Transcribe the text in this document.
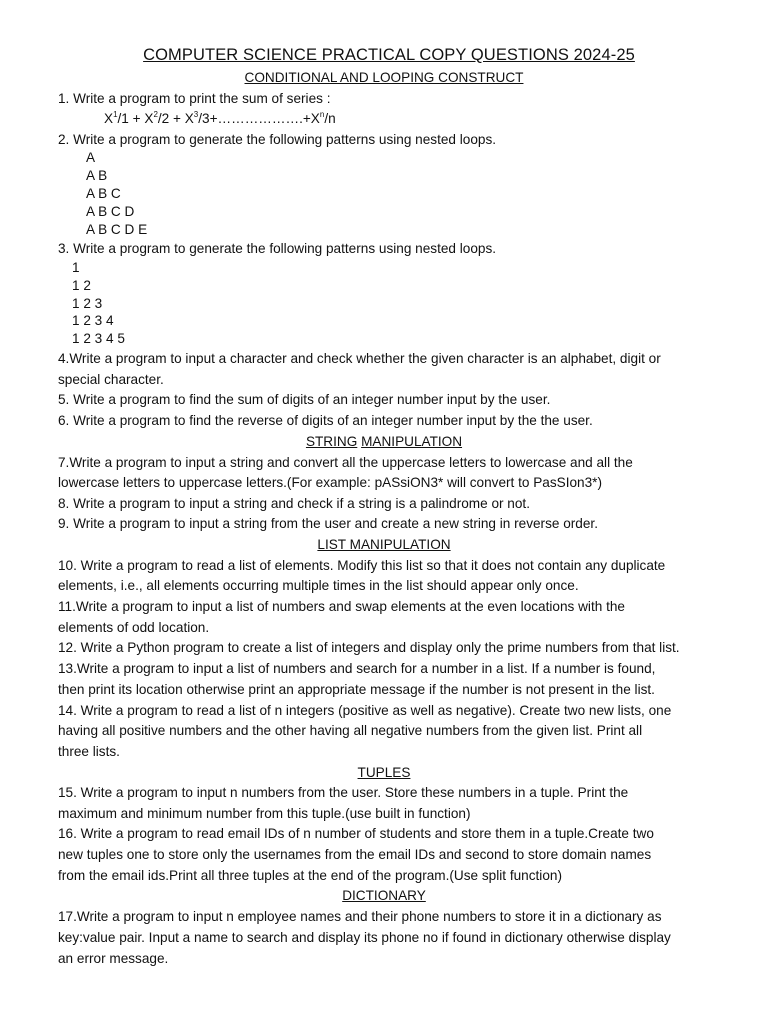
COMPUTER SCIENCE PRACTICAL COPY QUESTIONS 2024-25
CONDITIONAL AND LOOPING CONSTRUCT
1. Write a program to print the sum of series :
$X^1/1 + X^2/2$ + $X^3/3+\dots\dots\dots\dots\dots\dots.+X^n/n$
2. Write a program to generate the following patterns using nested loops.
A
A B
A B C
A B C D
A B C D E
3. Write a program to generate the following patterns using nested loops.
1
1 2
1 2 3
1 2 3 4
1 2 3 4 5
4.Write a program to input a character and check whether the given character is an alphabet, digit or
special character.
5. Write a program to find the sum of digits of an integer number input by the user.
6. Write a program to find the reverse of digits of an integer number input by the the user.
STRING MANIPULATION
7.Write a program to input a string and convert all the uppercase letters to lowercase and all the
lowercase letters to uppercase letters.(For example: pASsiON3* will convert to PasSIon3*)
8. Write a program to input a string and check if a string is a palindrome or not.
9. Write a program to input a string from the user and create a new string in reverse order.
LIST MANIPULATION
10. Write a program to read a list of elements. Modify this list so that it does not contain any duplicate
elements, i.e., all elements occurring multiple times in the list should appear only once.
11.Write a program to input a list of numbers and swap elements at the even locations with the
elements of odd location.
12. Write a Python program to create a list of integers and display only the prime numbers from that list.
13.Write a program to input a list of numbers and search for a number in a list. If a number is found,
then print its location otherwise print an appropriate message if the number is not present in the list.
14. Write a program to read a list of n integers (positive as well as negative). Create two new lists, one
having all positive numbers and the other having all negative numbers from the given list. Print all
three lists.
TUPLES
15. Write a program to input n numbers from the user. Store these numbers in a tuple. Print the
maximum and minimum number from this tuple.(use built in function)
16. Write a program to read email IDs of n number of students and store them in a tuple.Create two
new tuples one to store only the usernames from the email IDs and second to store domain names
from the email ids.Print all three tuples at the end of the program.(Use split function)
DICTIONARY
17.Write a program to input n employee names and their phone numbers to store it in a dictionary as
key:value pair. Input a name to search and display its phone no if found in dictionary otherwise display
an error message.
